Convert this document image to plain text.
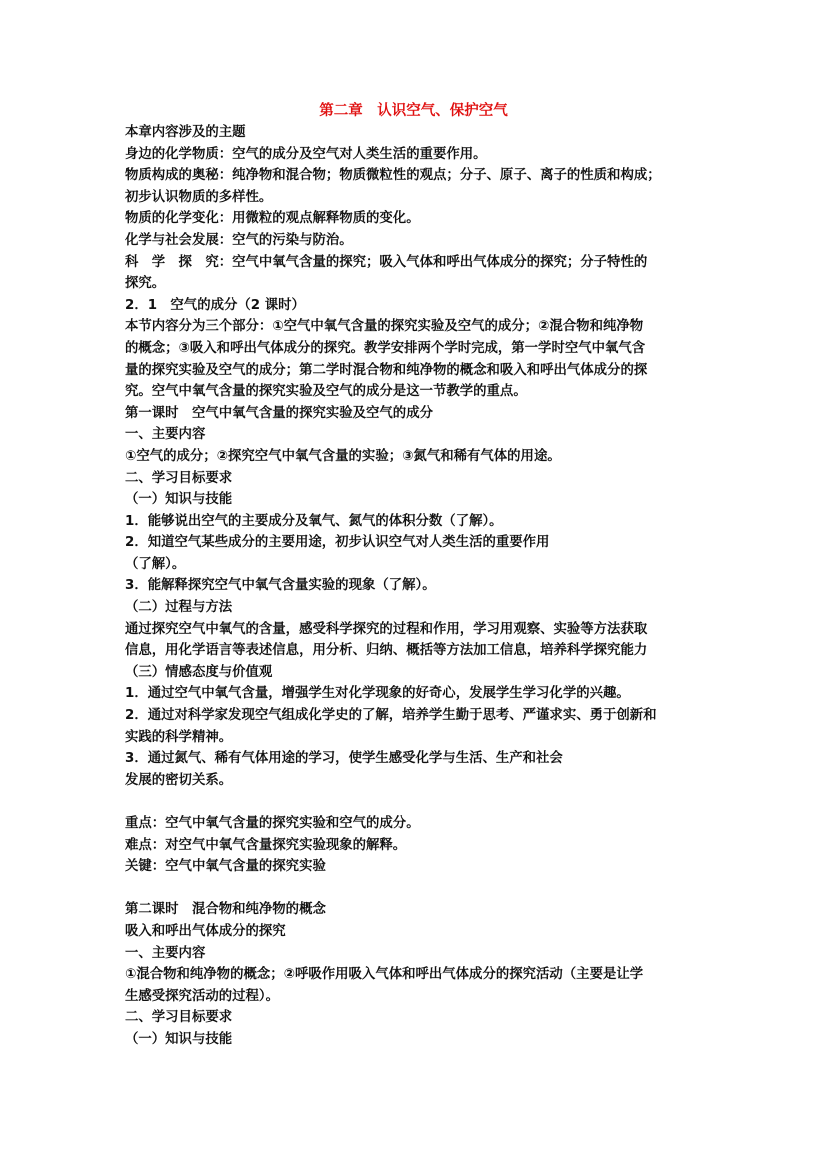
第二章　认识空气、保护空气
本章内容涉及的主题
身边的化学物质：空气的成分及空气对人类生活的重要作用。
物质构成的奥秘：纯净物和混合物；物质微粒性的观点；分子、原子、离子的性质和构成；
初步认识物质的多样性。
物质的化学变化：用微粒的观点解释物质的变化。
化学与社会发展：空气的污染与防治。
科　学　探　究：空气中氧气含量的探究；吸入气体和呼出气体成分的探究；分子特性的
探究。
2．1　空气的成分（2 课时）
本节内容分为三个部分：①空气中氧气含量的探究实验及空气的成分；②混合物和纯净物
的概念；③吸入和呼出气体成分的探究。教学安排两个学时完成，第一学时空气中氧气含
量的探究实验及空气的成分；第二学时混合物和纯净物的概念和吸入和呼出气体成分的探
究。空气中氧气含量的探究实验及空气的成分是这一节教学的重点。
第一课时　空气中氧气含量的探究实验及空气的成分
一、主要内容
①空气的成分；②探究空气中氧气含量的实验；③氮气和稀有气体的用途。
二、学习目标要求
（一）知识与技能
1．能够说出空气的主要成分及氧气、氮气的体积分数（了解）。
2．知道空气某些成分的主要用途，初步认识空气对人类生活的重要作用
（了解）。
3．能解释探究空气中氧气含量实验的现象（了解）。
（二）过程与方法
通过探究空气中氧气的含量，感受科学探究的过程和作用，学习用观察、实验等方法获取
信息，用化学语言等表述信息，用分析、归纳、概括等方法加工信息，培养科学探究能力
（三）情感态度与价值观
1．通过空气中氧气含量，增强学生对化学现象的好奇心，发展学生学习化学的兴趣。
2．通过对科学家发现空气组成化学史的了解，培养学生勤于思考、严谨求实、勇于创新和
实践的科学精神。
3．通过氮气、稀有气体用途的学习，使学生感受化学与生活、生产和社会
发展的密切关系。
重点：空气中氧气含量的探究实验和空气的成分。
难点：对空气中氧气含量探究实验现象的解释。
关键：空气中氧气含量的探究实验
第二课时　混合物和纯净物的概念
吸入和呼出气体成分的探究
一、主要内容
①混合物和纯净物的概念；②呼吸作用吸入气体和呼出气体成分的探究活动（主要是让学
生感受探究活动的过程）。
二、学习目标要求
（一）知识与技能
